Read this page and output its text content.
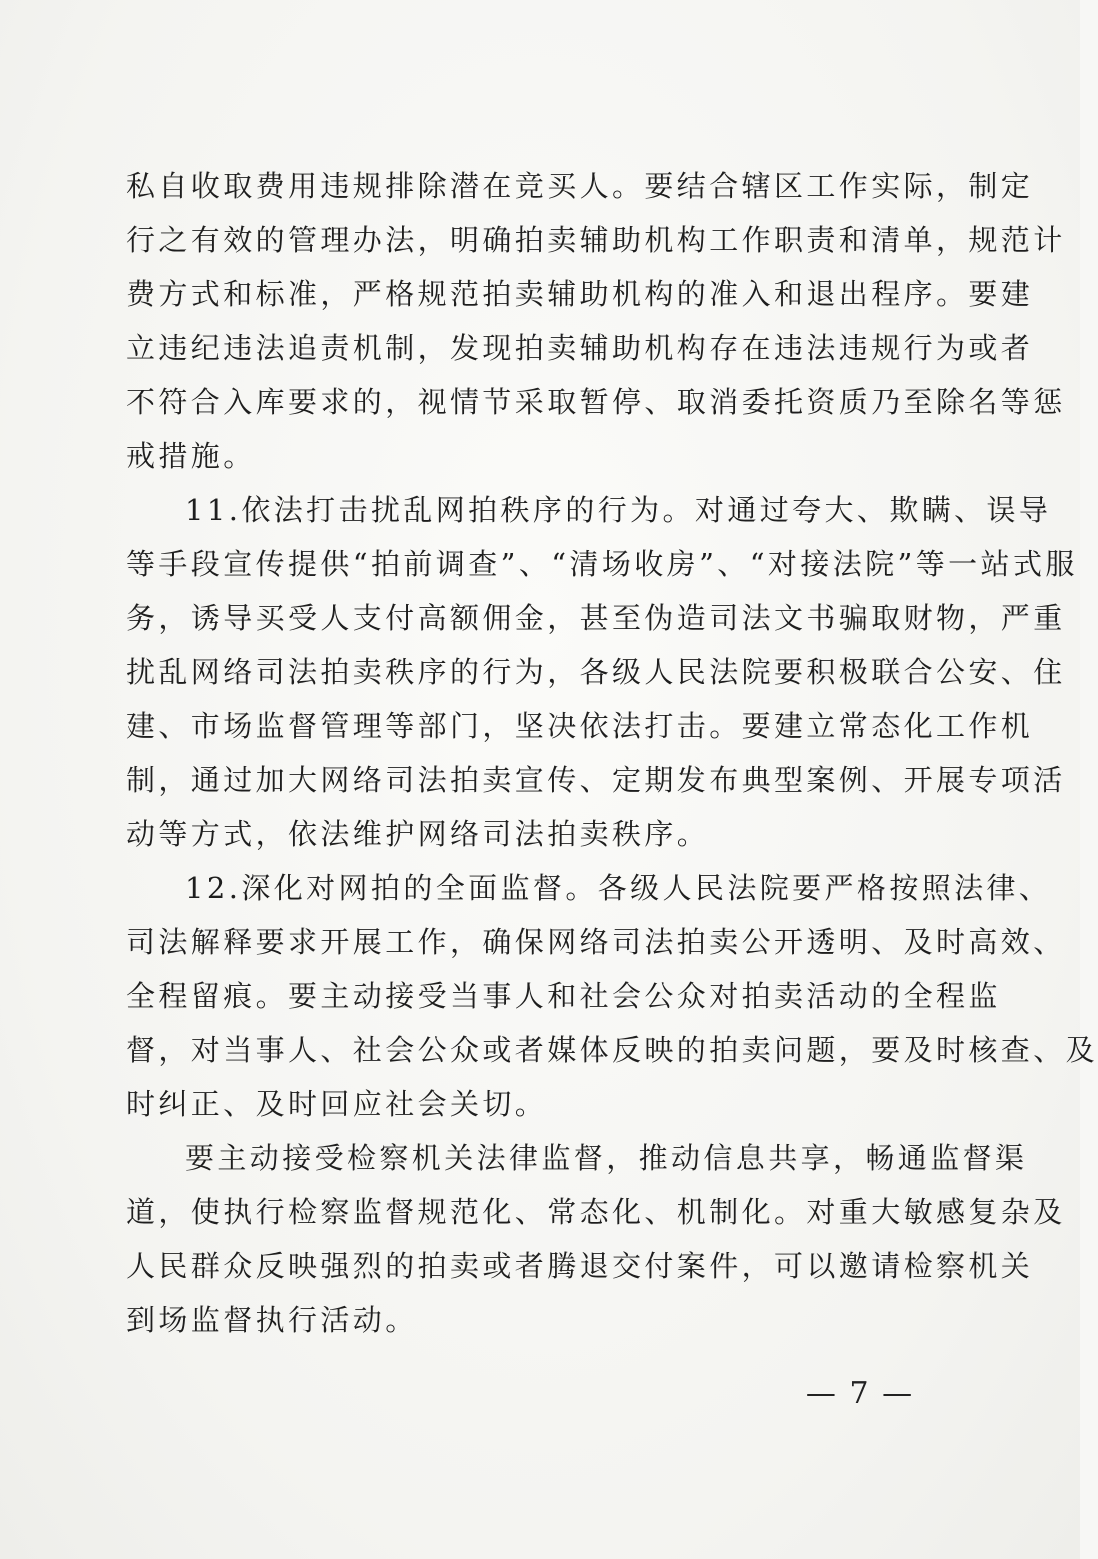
私自收取费用违规排除潜在竞买人。要结合辖区工作实际，制定
行之有效的管理办法，明确拍卖辅助机构工作职责和清单，规范计
费方式和标准，严格规范拍卖辅助机构的准入和退出程序。要建
立违纪违法追责机制，发现拍卖辅助机构存在违法违规行为或者
不符合入库要求的，视情节采取暂停、取消委托资质乃至除名等惩
戒措施。
11.依法打击扰乱网拍秩序的行为。对通过夸大、欺瞒、误导
等手段宣传提供“拍前调查”、“清场收房”、“对接法院”等一站式服
务，诱导买受人支付高额佣金，甚至伪造司法文书骗取财物，严重
扰乱网络司法拍卖秩序的行为，各级人民法院要积极联合公安、住
建、市场监督管理等部门，坚决依法打击。要建立常态化工作机
制，通过加大网络司法拍卖宣传、定期发布典型案例、开展专项活
动等方式，依法维护网络司法拍卖秩序。
12.深化对网拍的全面监督。各级人民法院要严格按照法律、
司法解释要求开展工作，确保网络司法拍卖公开透明、及时高效、
全程留痕。要主动接受当事人和社会公众对拍卖活动的全程监
督，对当事人、社会公众或者媒体反映的拍卖问题，要及时核查、及
时纠正、及时回应社会关切。
要主动接受检察机关法律监督，推动信息共享，畅通监督渠
道，使执行检察监督规范化、常态化、机制化。对重大敏感复杂及
人民群众反映强烈的拍卖或者腾退交付案件，可以邀请检察机关
到场监督执行活动。
— 7 —
